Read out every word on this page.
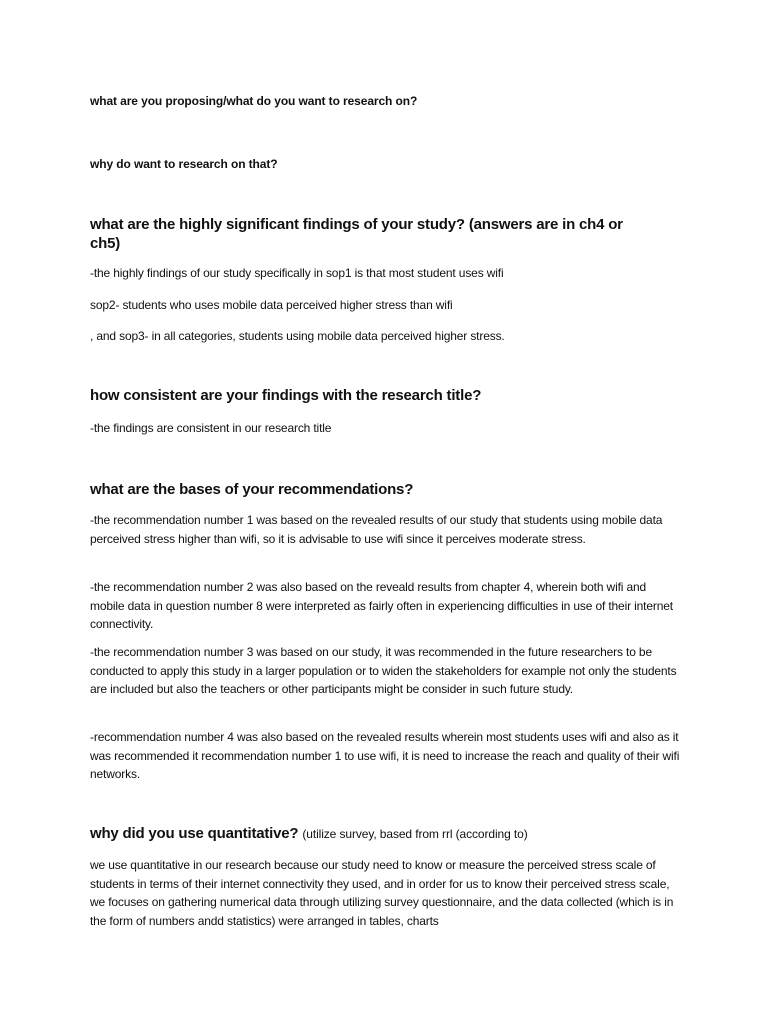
what are you proposing/what do you want to research on?
why do want to research on that?
what are the highly significant findings of your study? (answers are in ch4 or
ch5)
-the highly findings of our study specifically in sop1 is that most student uses wifi
sop2- students who uses mobile data perceived higher stress than wifi
, and sop3- in all categories, students using mobile data perceived higher stress.
how consistent are your findings with the research title?
-the findings are consistent in our research title
what are the bases of your recommendations?
-the recommendation number 1 was based on the revealed results of our study that students using mobile data perceived stress higher than wifi, so it is advisable to use wifi since it perceives moderate stress.
-the recommendation number 2 was also based on the reveald results from chapter 4, wherein both wifi and mobile data in question number 8 were interpreted as fairly often in experiencing difficulties in use of their internet connectivity.
-the recommendation number 3 was based on our study, it was recommended in the future researchers to be conducted to apply this study in a larger population or to widen the stakeholders for example not only the students are included but also the teachers or other participants might be consider in such future study.
-recommendation number 4 was also based on the revealed results wherein most students uses wifi and also as it was recommended it recommendation number 1 to use wifi, it is need to increase the reach and quality of their wifi networks.
why did you use quantitative? (utilize survey, based from rrl (according to)
we use quantitative in our research because our study need to know or measure the perceived stress scale of students in terms of their internet connectivity they used, and in order for us to know their perceived stress scale, we focuses on gathering numerical data through utilizing survey questionnaire, and the data collected (which is in the form of numbers andd statistics) were arranged in tables, charts
